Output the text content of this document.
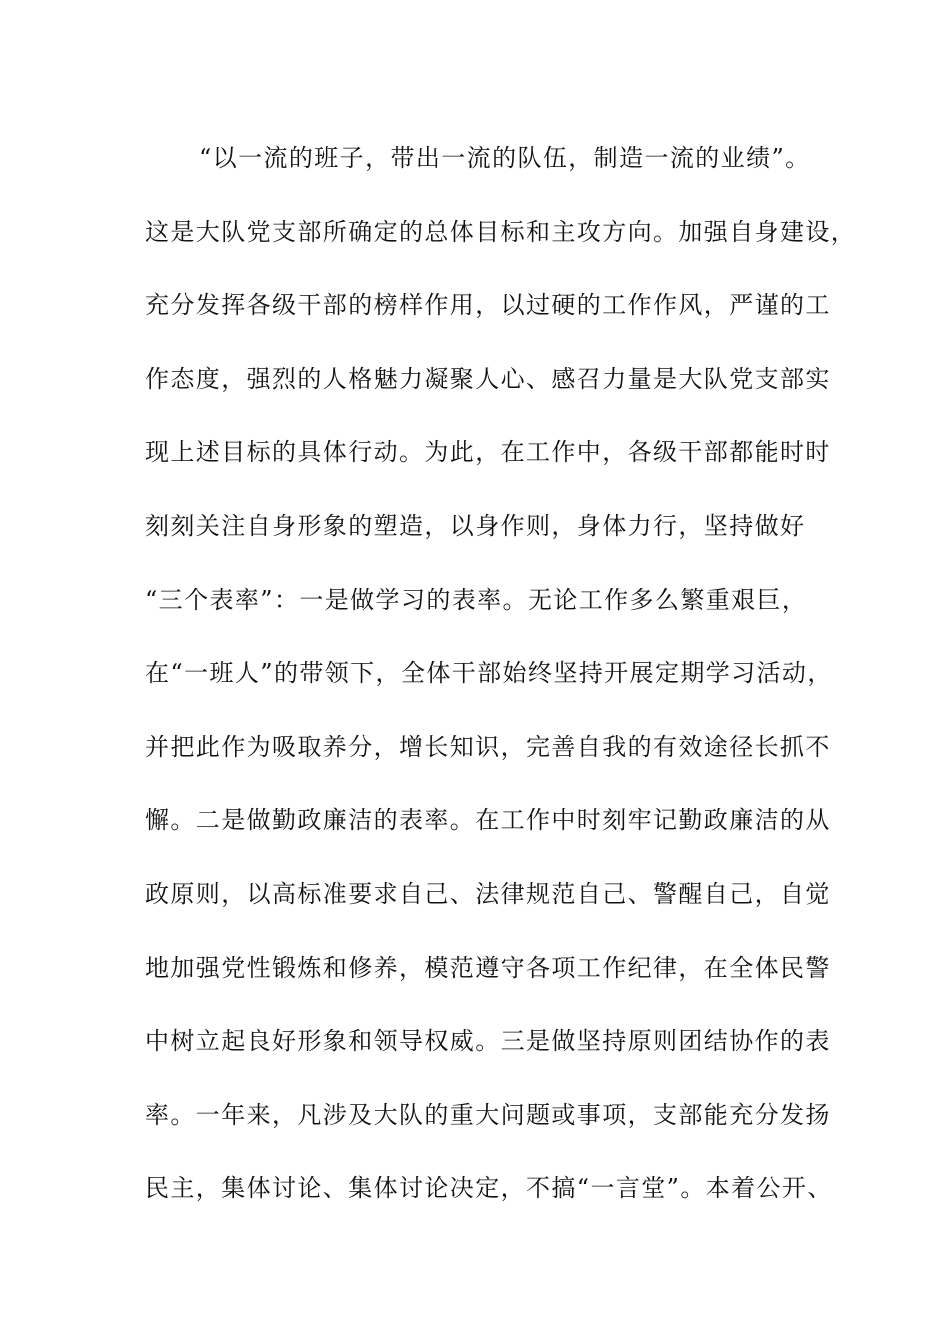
“以一流的班子，带出一流的队伍，制造一流的业绩”。
这是大队党支部所确定的总体目标和主攻方向。加强自身建设，
充分发挥各级干部的榜样作用，以过硬的工作作风，严谨的工
作态度，强烈的人格魅力凝聚人心、感召力量是大队党支部实
现上述目标的具体行动。为此，在工作中，各级干部都能时时
刻刻关注自身形象的塑造，以身作则，身体力行，坚持做好
“三个表率”：一是做学习的表率。无论工作多么繁重艰巨，
在“一班人”的带领下，全体干部始终坚持开展定期学习活动，
并把此作为吸取养分，增长知识，完善自我的有效途径长抓不
懈。二是做勤政廉洁的表率。在工作中时刻牢记勤政廉洁的从
政原则，以高标准要求自己、法律规范自己、警醒自己，自觉
地加强党性锻炼和修养，模范遵守各项工作纪律，在全体民警
中树立起良好形象和领导权威。三是做坚持原则团结协作的表
率。一年来，凡涉及大队的重大问题或事项，支部能充分发扬
民主，集体讨论、集体讨论决定，不搞“一言堂”。本着公开、
